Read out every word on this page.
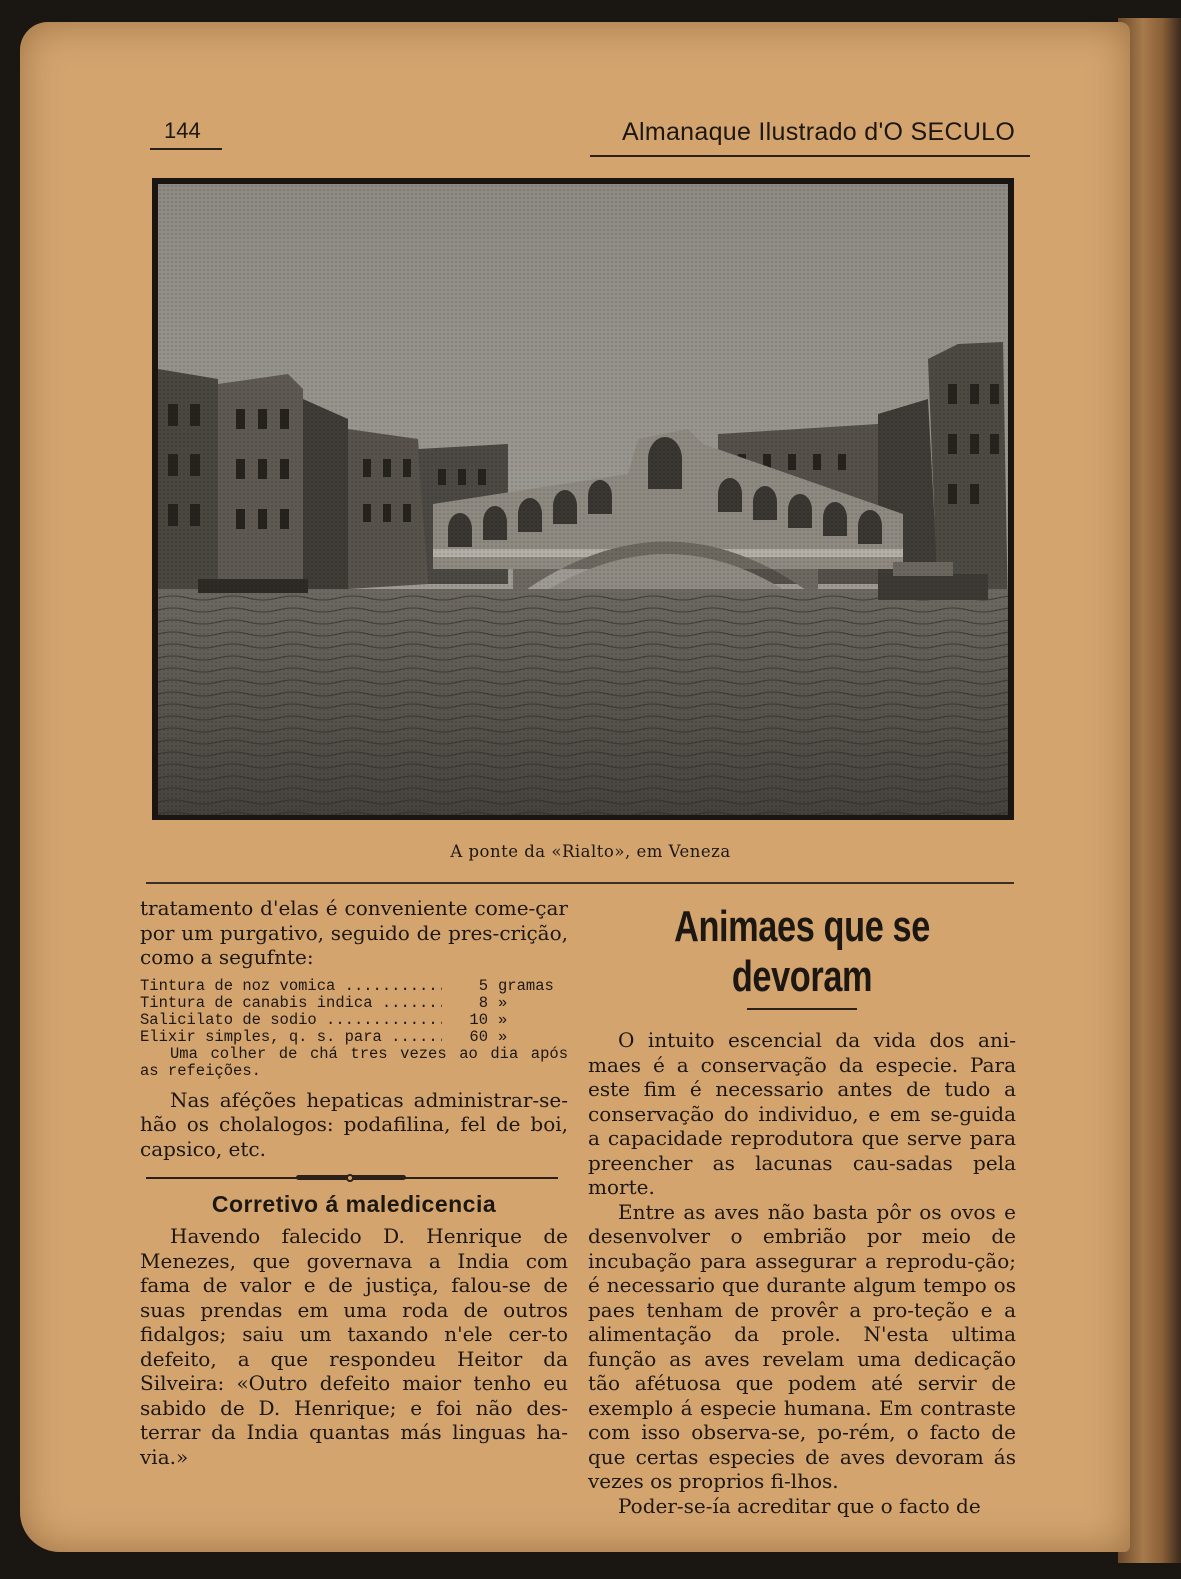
144	Almanaque Ilustrado d'O SECULO
A ponte da «Rialto», em Veneza

tratamento d'elas é conveniente come-çar por um purgativo, seguido de pres-crição, como a segufnte:

Tintura de noz vomica .....	5 gramas
Tintura de canabis indica .....	8 »
Salicilato de sodio .....	10 »
Elixir simples, q. s. para .....	60 »

Uma colher de chá tres vezes ao dia após as refeições.

Nas aféções hepaticas administrar-se-hão os cholalogos: podafilina, fel de boi, capsico, etc.

Corretivo á maledicencia

Havendo falecido D. Henrique de Menezes, que governava a India com fama de valor e de justiça, falou-se de suas prendas em uma roda de outros fidalgos; saiu um taxando n'ele cer-to defeito, a que respondeu Heitor da Silveira: «Outro defeito maior tenho eu sabido de D. Henrique; e foi não des-terrar da India quantas más linguas ha-via.»

Animaes que se devoram

O intuito escencial da vida dos ani-maes é a conservação da especie. Para este fim é necessario antes de tudo a conservação do individuo, e em se-guida a capacidade reprodutora que serve para preencher as lacunas cau-sadas pela morte.

Entre as aves não basta pôr os ovos e desenvolver o embrião por meio de incubação para assegurar a reprodu-ção; é necessario que durante algum tempo os paes tenham de provêr a pro-teção e a alimentação da prole. N'esta ultima função as aves revelam uma dedicação tão afétuosa que podem até servir de exemplo á especie humana. Em contraste com isso observa-se, po-rém, o facto de que certas especies de aves devoram ás vezes os proprios fi-lhos.

Poder-se-ía acreditar que o facto de
